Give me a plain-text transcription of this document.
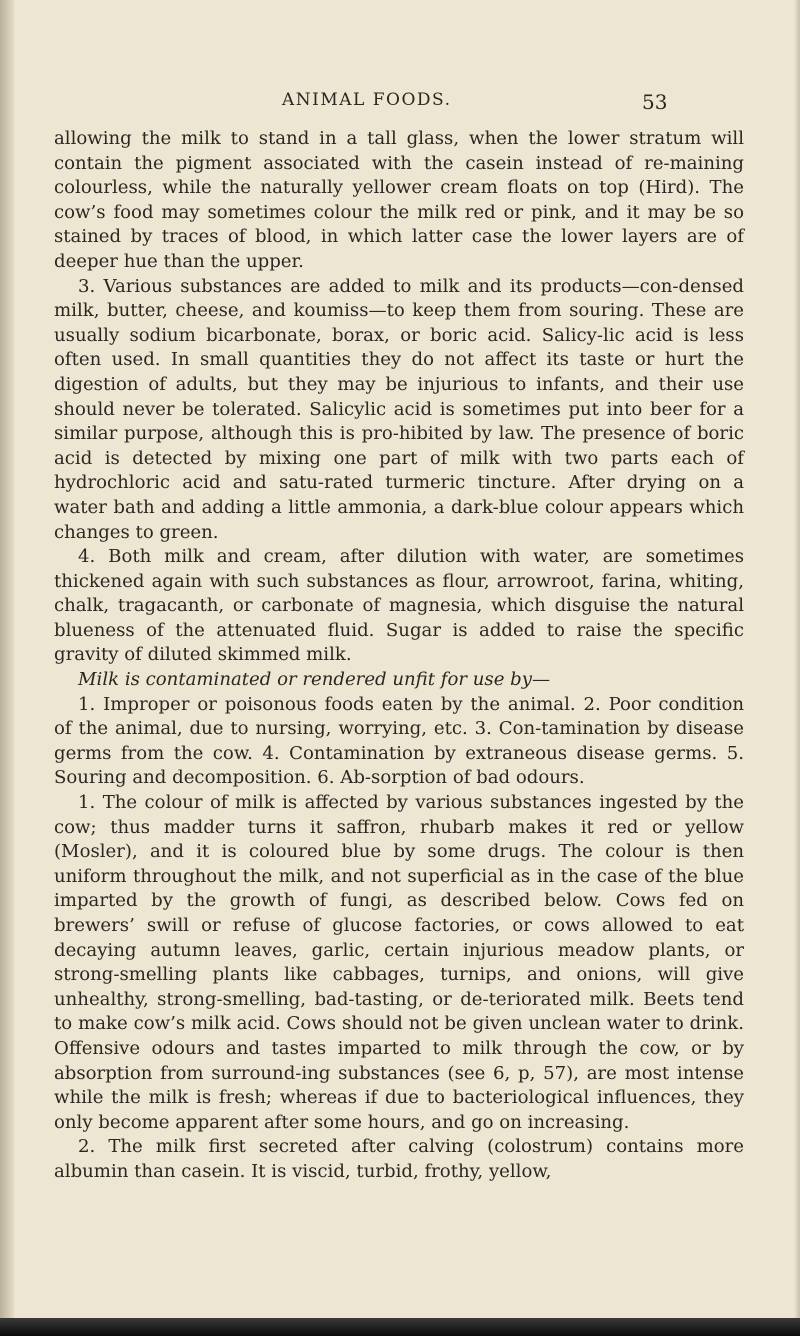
ANIMAL FOODS.	53

allowing the milk to stand in a tall glass, when the lower stratum will contain the pigment associated with the casein instead of re-maining colourless, while the naturally yellower cream floats on top (Hird). The cow’s food may sometimes colour the milk red or pink, and it may be so stained by traces of blood, in which latter case the lower layers are of deeper hue than the upper.

3. Various substances are added to milk and its products—con-densed milk, butter, cheese, and koumiss—to keep them from souring. These are usually sodium bicarbonate, borax, or boric acid. Salicy-lic acid is less often used. In small quantities they do not affect its taste or hurt the digestion of adults, but they may be injurious to infants, and their use should never be tolerated. Salicylic acid is sometimes put into beer for a similar purpose, although this is pro-hibited by law. The presence of boric acid is detected by mixing one part of milk with two parts each of hydrochloric acid and satu-rated turmeric tincture. After drying on a water bath and adding a little ammonia, a dark-blue colour appears which changes to green.

4. Both milk and cream, after dilution with water, are sometimes thickened again with such substances as flour, arrowroot, farina, whiting, chalk, tragacanth, or carbonate of magnesia, which disguise the natural blueness of the attenuated fluid. Sugar is added to raise the specific gravity of diluted skimmed milk.

Milk is contaminated or rendered unfit for use by—

1. Improper or poisonous foods eaten by the animal. 2. Poor condition of the animal, due to nursing, worrying, etc. 3. Con-tamination by disease germs from the cow. 4. Contamination by extraneous disease germs. 5. Souring and decomposition. 6. Ab-sorption of bad odours.

1. The colour of milk is affected by various substances ingested by the cow; thus madder turns it saffron, rhubarb makes it red or yellow (Mosler), and it is coloured blue by some drugs. The colour is then uniform throughout the milk, and not superficial as in the case of the blue imparted by the growth of fungi, as described below. Cows fed on brewers’ swill or refuse of glucose factories, or cows allowed to eat decaying autumn leaves, garlic, certain injurious meadow plants, or strong-smelling plants like cabbages, turnips, and onions, will give unhealthy, strong-smelling, bad-tasting, or de-teriorated milk. Beets tend to make cow’s milk acid. Cows should not be given unclean water to drink. Offensive odours and tastes imparted to milk through the cow, or by absorption from surround-ing substances (see 6, p, 57), are most intense while the milk is fresh; whereas if due to bacteriological influences, they only become apparent after some hours, and go on increasing.

2. The milk first secreted after calving (colostrum) contains more albumin than casein. It is viscid, turbid, frothy, yellow,
